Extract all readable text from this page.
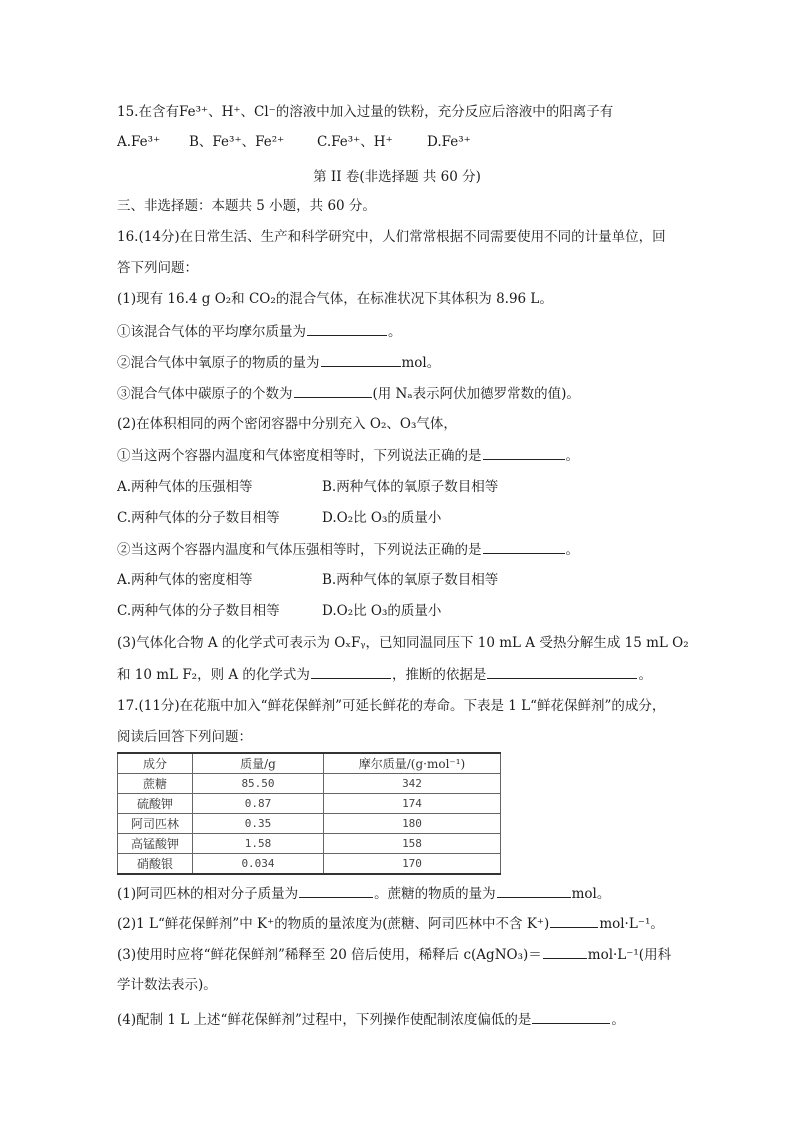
15.在含有Fe³⁺、H⁺、Cl⁻的溶液中加入过量的铁粉，充分反应后溶液中的阳离子有
A.Fe³⁺ B、Fe³⁺、Fe²⁺ C.Fe³⁺、H⁺	D.Fe³⁺
第 II 卷(非选择题 共 60 分)
三、非选择题：本题共 5 小题，共 60 分。
16.(14分)在日常生活、生产和科学研究中，人们常常根据不同需要使用不同的计量单位，回
答下列问题：
(1)现有 16.4 g O₂和 CO₂的混合气体，在标准状况下其体积为 8.96 L。
①该混合气体的平均摩尔质量为	。
②混合气体中氧原子的物质的量为	mol。
③混合气体中碳原子的个数为	(用 Nₐ表示阿伏加德罗常数的值)。
(2)在体积相同的两个密闭容器中分别充入 O₂、O₃气体，
①当这两个容器内温度和气体密度相等时，下列说法正确的是	。
A.两种气体的压强相等	B.两种气体的氧原子数目相等
C.两种气体的分子数目相等	D.O₂比 O₃的质量小
②当这两个容器内温度和气体压强相等时，下列说法正确的是	。
A.两种气体的密度相等	B.两种气体的氧原子数目相等
C.两种气体的分子数目相等	D.O₂比 O₃的质量小
(3)气体化合物 A 的化学式可表示为 OₓFᵧ，已知同温同压下 10 mL A 受热分解生成 15 mL O₂
和 10 mL F₂，则 A 的化学式为	，推断的依据是	。
17.(11分)在花瓶中加入“鲜花保鲜剂”可延长鲜花的寿命。下表是 1 L“鲜花保鲜剂”的成分，
阅读后回答下列问题：
成分	质量/g	摩尔质量/(g·mol⁻¹)
蔗糖	85.50	342
硫酸钾	0.87	174
阿司匹林	0.35	180
高锰酸钾	1.58	158
硝酸银	0.034	170
(1)阿司匹林的相对分子质量为	。蔗糖的物质的量为	mol。
(2)1 L“鲜花保鲜剂”中 K⁺的物质的量浓度为(蔗糖、阿司匹林中不含 K⁺)	mol·L⁻¹。
(3)使用时应将“鲜花保鲜剂”稀释至 20 倍后使用，稀释后 c(AgNO₃)＝	mol·L⁻¹(用科
学计数法表示)。
(4)配制 1 L 上述“鲜花保鲜剂”过程中，下列操作使配制浓度偏低的是	。
